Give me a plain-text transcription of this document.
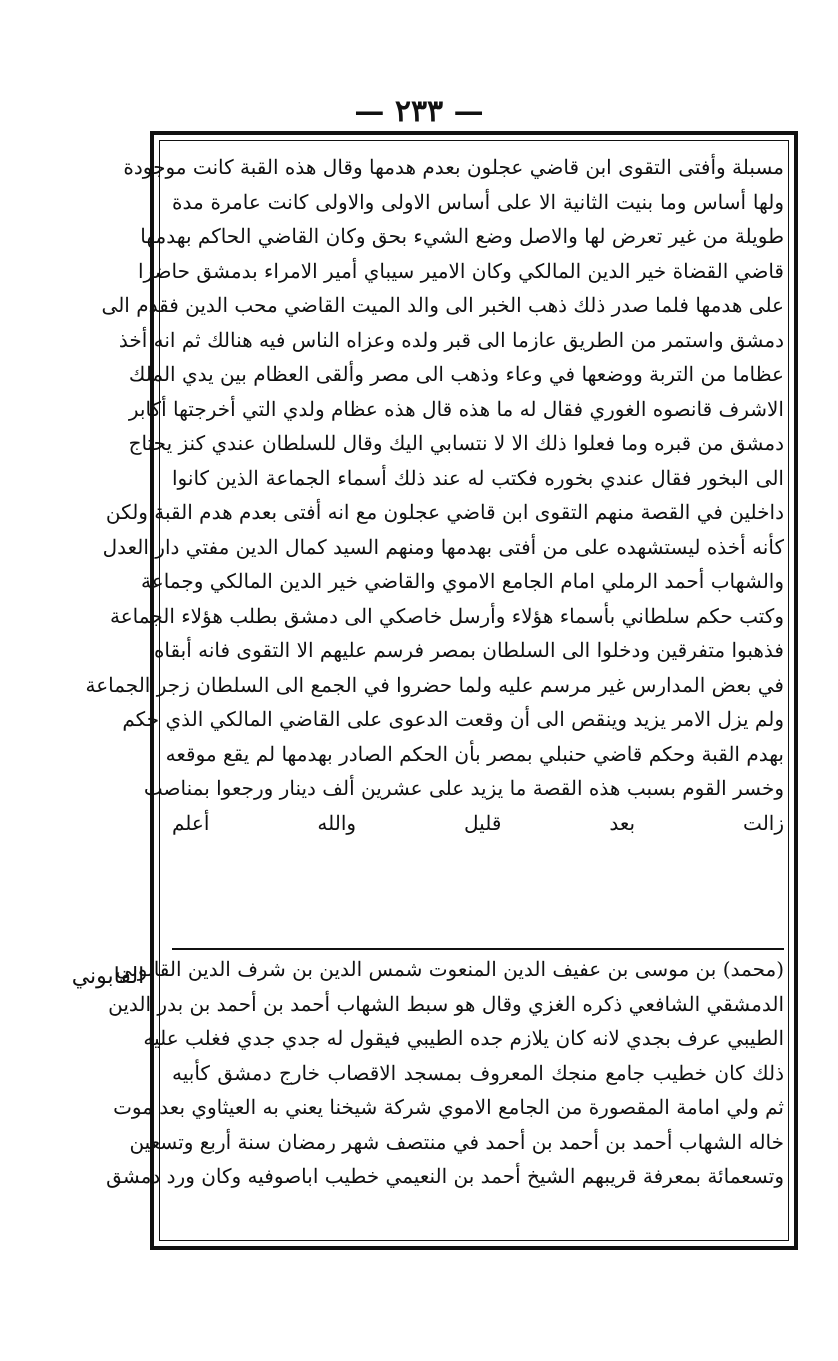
— ٢٣٣ —
مسبلة وأفتى التقوى ابن قاضي عجلون بعدم هدمها وقال هذه القبة كانت موجودة
ولها أساس وما بنيت الثانية الا على أساس الاولى والاولى كانت عامرة مدة
طويلة من غير تعرض لها والاصل وضع الشيء بحق وكان القاضي الحاكم بهدمها
قاضي القضاة خير الدين المالكي وكان الامير سيباي أمير الامراء بدمشق حاضرا
على هدمها فلما صدر ذلك ذهب الخبر الى والد الميت القاضي محب الدين فقدم الى
دمشق واستمر من الطريق عازما الى قبر ولده وعزاه الناس فيه هنالك ثم انه أخذ
عظاما من التربة ووضعها في وعاء وذهب الى مصر وألقى العظام بين يدي الملك
الاشرف قانصوه الغوري فقال له ما هذه قال هذه عظام ولدي التي أخرجتها أكابر
دمشق من قبره وما فعلوا ذلك الا لا نتسابي اليك وقال للسلطان عندي كنز يحتاج
الى البخور فقال عندي بخوره فكتب له عند ذلك أسماء الجماعة الذين كانوا
داخلين في القصة منهم التقوى ابن قاضي عجلون مع انه أفتى بعدم هدم القبة ولكن
كأنه أخذه ليستشهده على من أفتى بهدمها ومنهم السيد كمال الدين مفتي دار العدل
والشهاب أحمد الرملي امام الجامع الاموي والقاضي خير الدين المالكي وجماعة
وكتب حكم سلطاني بأسماء هؤلاء وأرسل خاصكي الى دمشق بطلب هؤلاء الجماعة
فذهبوا متفرقين ودخلوا الى السلطان بمصر فرسم عليهم الا التقوى فانه أبقاه
في بعض المدارس غير مرسم عليه ولما حضروا في الجمع الى السلطان زجر الجماعة
ولم يزل الامر يزيد وينقص الى أن وقعت الدعوى على القاضي المالكي الذي حكم
بهدم القبة وحكم قاضي حنبلي بمصر بأن الحكم الصادر بهدمها لم يقع موقعه
وخسر القوم بسبب هذه القصة ما يزيد على عشرين ألف دينار ورجعوا بمناصب
زالت بعد قليل والله أعلم
القابوني
(محمد) بن موسى بن عفيف الدين المنعوت شمس الدين بن شرف الدين القابوني
الدمشقي الشافعي ذكره الغزي وقال هو سبط الشهاب أحمد بن أحمد بن بدر الدين
الطيبي عرف بجدي لانه كان يلازم جده الطيبي فيقول له جدي جدي فغلب عليه
ذلك كان خطيب جامع منجك المعروف بمسجد الاقصاب خارج دمشق كأبيه
ثم ولي امامة المقصورة من الجامع الاموي شركة شيخنا يعني به العيثاوي بعد موت
خاله الشهاب أحمد بن أحمد بن أحمد في منتصف شهر رمضان سنة أربع وتسعين
وتسعمائة بمعرفة قريبهم الشيخ أحمد بن النعيمي خطيب اباصوفيه وكان ورد دمشق
